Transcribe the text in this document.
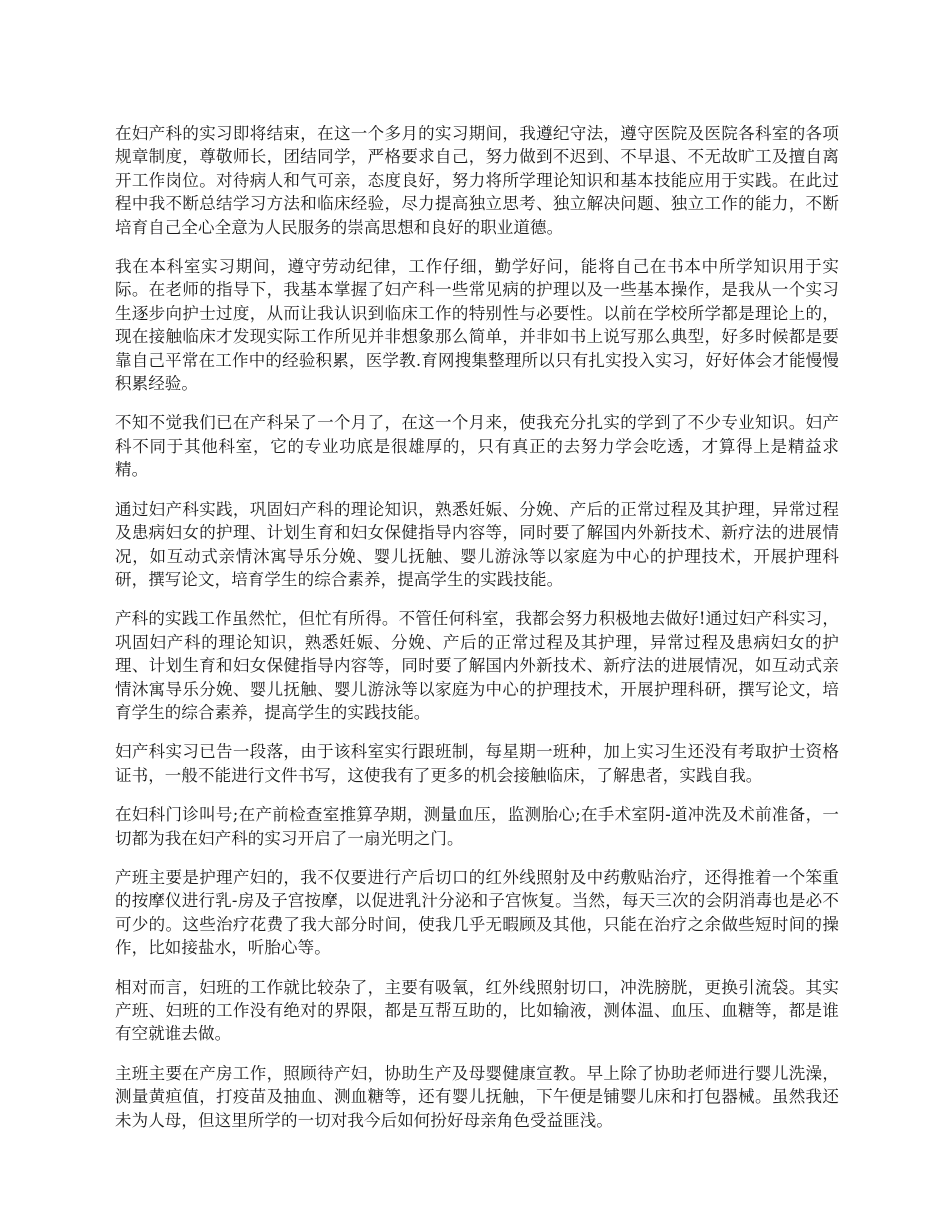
在妇产科的实习即将结束，在这一个多月的实习期间，我遵纪守法，遵守医院及医院各科室的各项规章制度，尊敬师长，团结同学，严格要求自己，努力做到不迟到、不早退、不无故旷工及擅自离开工作岗位。对待病人和气可亲，态度良好，努力将所学理论知识和基本技能应用于实践。在此过程中我不断总结学习方法和临床经验，尽力提高独立思考、独立解决问题、独立工作的能力，不断培育自己全心全意为人民服务的崇高思想和良好的职业道德。

我在本科室实习期间，遵守劳动纪律，工作仔细，勤学好问，能将自己在书本中所学知识用于实际。在老师的指导下，我基本掌握了妇产科一些常见病的护理以及一些基本操作，是我从一个实习生逐步向护士过度，从而让我认识到临床工作的特别性与必要性。以前在学校所学都是理论上的，现在接触临床才发现实际工作所见并非想象那么简单，并非如书上说写那么典型，好多时候都是要靠自己平常在工作中的经验积累，医学教.育网搜集整理所以只有扎实投入实习，好好体会才能慢慢积累经验。

不知不觉我们已在产科呆了一个月了，在这一个月来，使我充分扎实的学到了不少专业知识。妇产科不同于其他科室，它的专业功底是很雄厚的，只有真正的去努力学会吃透，才算得上是精益求精。

通过妇产科实践，巩固妇产科的理论知识，熟悉妊娠、分娩、产后的正常过程及其护理，异常过程及患病妇女的护理、计划生育和妇女保健指导内容等，同时要了解国内外新技术、新疗法的进展情况，如互动式亲情沐寓导乐分娩、婴儿抚触、婴儿游泳等以家庭为中心的护理技术，开展护理科研，撰写论文，培育学生的综合素养，提高学生的实践技能。

产科的实践工作虽然忙，但忙有所得。不管任何科室，我都会努力积极地去做好!通过妇产科实习，巩固妇产科的理论知识，熟悉妊娠、分娩、产后的正常过程及其护理，异常过程及患病妇女的护理、计划生育和妇女保健指导内容等，同时要了解国内外新技术、新疗法的进展情况，如互动式亲情沐寓导乐分娩、婴儿抚触、婴儿游泳等以家庭为中心的护理技术，开展护理科研，撰写论文，培育学生的综合素养，提高学生的实践技能。

妇产科实习已告一段落，由于该科室实行跟班制，每星期一班种，加上实习生还没有考取护士资格证书，一般不能进行文件书写，这使我有了更多的机会接触临床，了解患者，实践自我。

在妇科门诊叫号;在产前检查室推算孕期，测量血压，监测胎心;在手术室阴-道冲洗及术前准备，一切都为我在妇产科的实习开启了一扇光明之门。

产班主要是护理产妇的，我不仅要进行产后切口的红外线照射及中药敷贴治疗，还得推着一个笨重的按摩仪进行乳-房及子宫按摩，以促进乳汁分泌和子宫恢复。当然，每天三次的会阴消毒也是必不可少的。这些治疗花费了我大部分时间，使我几乎无暇顾及其他，只能在治疗之余做些短时间的操作，比如接盐水，听胎心等。

相对而言，妇班的工作就比较杂了，主要有吸氧，红外线照射切口，冲洗膀胱，更换引流袋。其实产班、妇班的工作没有绝对的界限，都是互帮互助的，比如输液，测体温、血压、血糖等，都是谁有空就谁去做。

主班主要在产房工作，照顾待产妇，协助生产及母婴健康宣教。早上除了协助老师进行婴儿洗澡，测量黄疸值，打疫苗及抽血、测血糖等，还有婴儿抚触，下午便是铺婴儿床和打包器械。虽然我还未为人母，但这里所学的一切对我今后如何扮好母亲角色受益匪浅。
